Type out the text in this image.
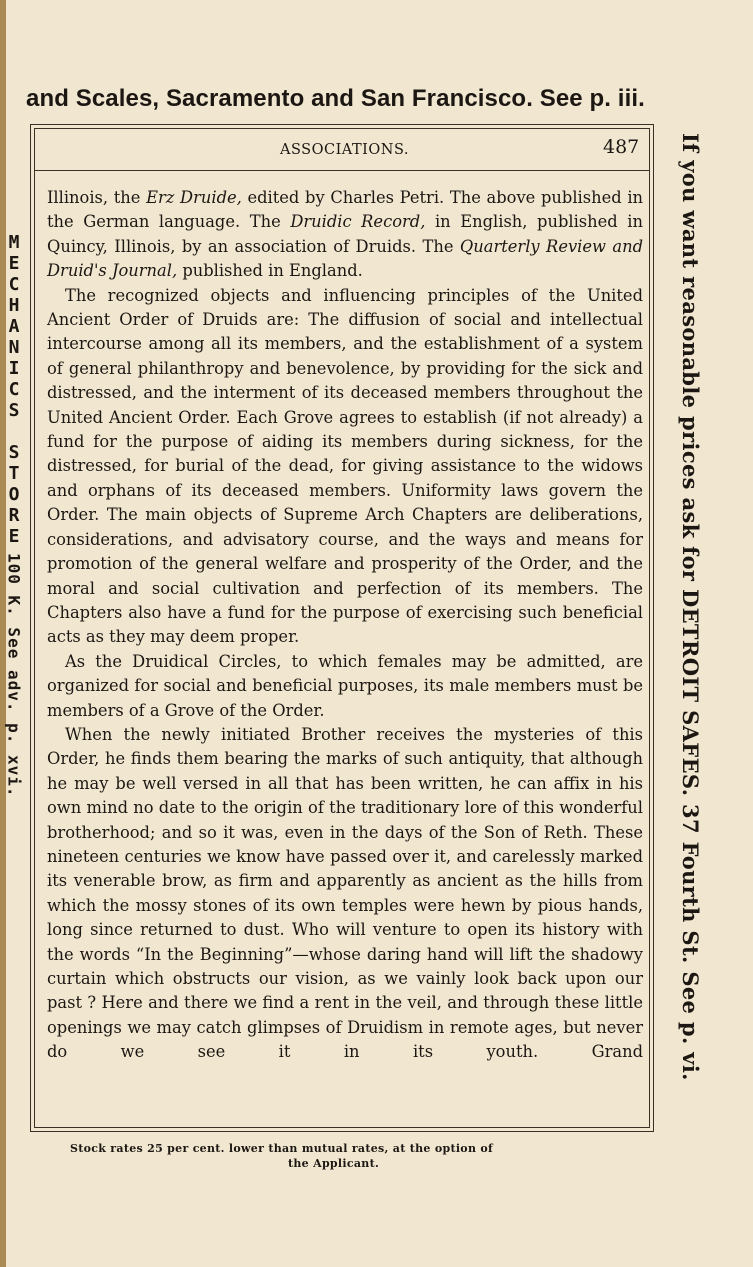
and Scales, Sacramento and San Francisco. See p. iii.
M
E
C
H
A
N
I
C
S
S
T
O
R
E
100 K. See adv. p. xvi.	If you want reasonable prices ask for DETROIT SAFES. 37 Fourth St. See p. vi.
ASSOCIATIONS.	487

Illinois, the Erz Druide, edited by Charles Petri. The above published in the German language. The Druidic Record, in English, published in Quincy, Illinois, by an association of Druids. The Quarterly Review and Druid's Journal, published in England.

The recognized objects and influencing principles of the United Ancient Order of Druids are: The diffusion of social and intellectual intercourse among all its members, and the establishment of a system of general philanthropy and benevolence, by providing for the sick and distressed, and the interment of its deceased members throughout the United Ancient Order. Each Grove agrees to establish (if not already) a fund for the purpose of aiding its members during sickness, for the distressed, for burial of the dead, for giving assistance to the widows and orphans of its deceased members. Uniformity laws govern the Order. The main objects of Supreme Arch Chapters are deliberations, considerations, and advisatory course, and the ways and means for promotion of the general welfare and prosperity of the Order, and the moral and social cultivation and perfection of its members. The Chapters also have a fund for the purpose of exercising such beneficial acts as they may deem proper.

As the Druidical Circles, to which females may be admitted, are organized for social and beneficial purposes, its male members must be members of a Grove of the Order.

When the newly initiated Brother receives the mysteries of this Order, he finds them bearing the marks of such antiquity, that although he may be well versed in all that has been written, he can affix in his own mind no date to the origin of the traditionary lore of this wonderful brotherhood; and so it was, even in the days of the Son of Reth. These nineteen centuries we know have passed over it, and carelessly marked its venerable brow, as firm and apparently as ancient as the hills from which the mossy stones of its own temples were hewn by pious hands, long since returned to dust. Who will venture to open its history with the words “In the Beginning”—whose daring hand will lift the shadowy curtain which obstructs our vision, as we vainly look back upon our past ? Here and there we find a rent in the veil, and through these little openings we may catch glimpses of Druidism in remote ages, but never do we see it in its youth. Grand

Stock rates 25 per cent. lower than mutual rates, at the option of
the Applicant.
